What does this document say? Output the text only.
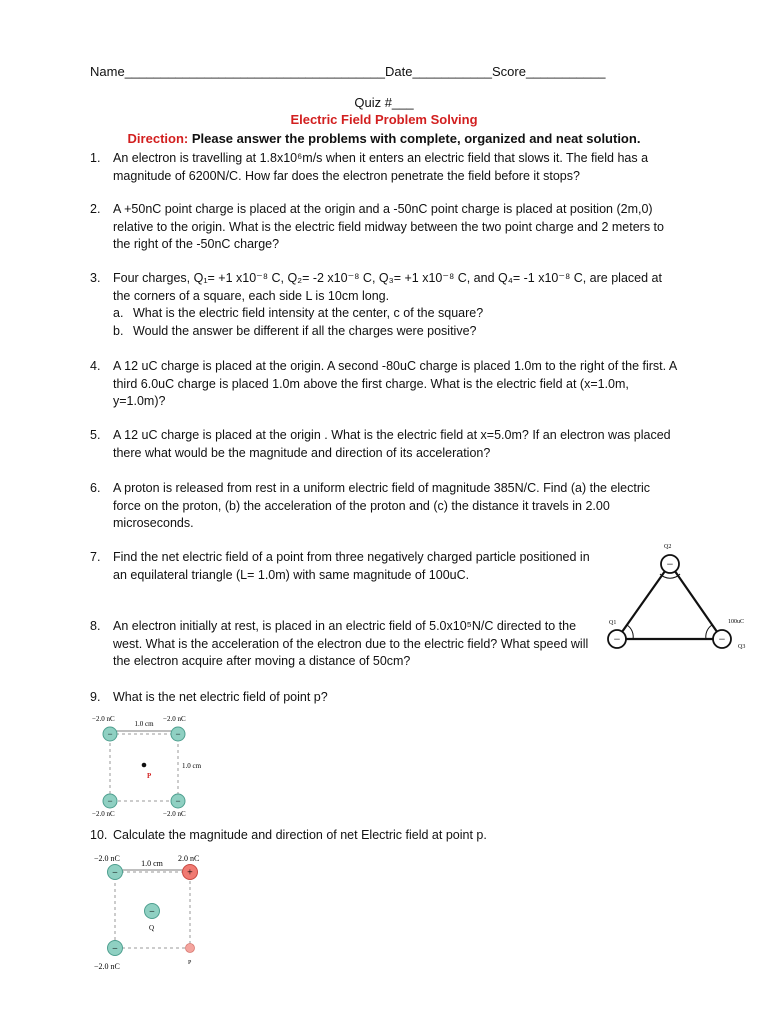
Name____________________________________Date___________Score___________
Quiz #___
Electric Field Problem Solving
Direction: Please answer the problems with complete, organized and neat solution.
1. An electron is travelling at 1.8x10⁶m/s when it enters an electric field that slows it. The field has a magnitude of 6200N/C. How far does the electron penetrate the field before it stops?
2. A +50nC point charge is placed at the origin and a -50nC point charge is placed at position (2m,0) relative to the origin. What is the electric field midway between the two point charge and 2 meters to the right of the -50nC charge?
3. Four charges, Q₁= +1 x10⁻⁸ C, Q₂= -2 x10⁻⁸ C, Q₃= +1 x10⁻⁸ C, and Q₄= -1 x10⁻⁸ C, are placed at the corners of a square, each side L is 10cm long.
a. What is the electric field intensity at the center, c of the square?
b. Would the answer be different if all the charges were positive?
4. A 12 uC charge is placed at the origin. A second -80uC charge is placed 1.0m to the right of the first. A third 6.0uC charge is placed 1.0m above the first charge. What is the electric field at (x=1.0m, y=1.0m)?
5. A 12 uC charge is placed at the origin . What is the electric field at x=5.0m? If an electron was placed there what would be the magnitude and direction of its acceleration?
6. A proton is released from rest in a uniform electric field of magnitude 385N/C. Find (a) the electric force on the proton, (b) the acceleration of the proton and (c) the distance it travels in 2.00 microseconds.
7. Find the net electric field of a point from three negatively charged particle positioned in an equilateral triangle (L= 1.0m) with same magnitude of 100uC.
8. An electron initially at rest, is placed in an electric field of 5.0x10⁵N/C directed to the west. What is the acceleration of the electron due to the electric field? What speed will the electron acquire after moving a distance of 50cm?
9. What is the net electric field of point p?
10. Calculate the magnitude and direction of net Electric field at point p.
−
−	−
Q2
Q1
Q3
100uC
1.0 cm
1.0 cm
−2.0 nC	−2.0 nC
−2.0 nC	−2.0 nC
−	−
−	−
P
1.0 cm
−2.0 nC	2.0 nC
−2.0 nC
−	+
−
−
Q
P
